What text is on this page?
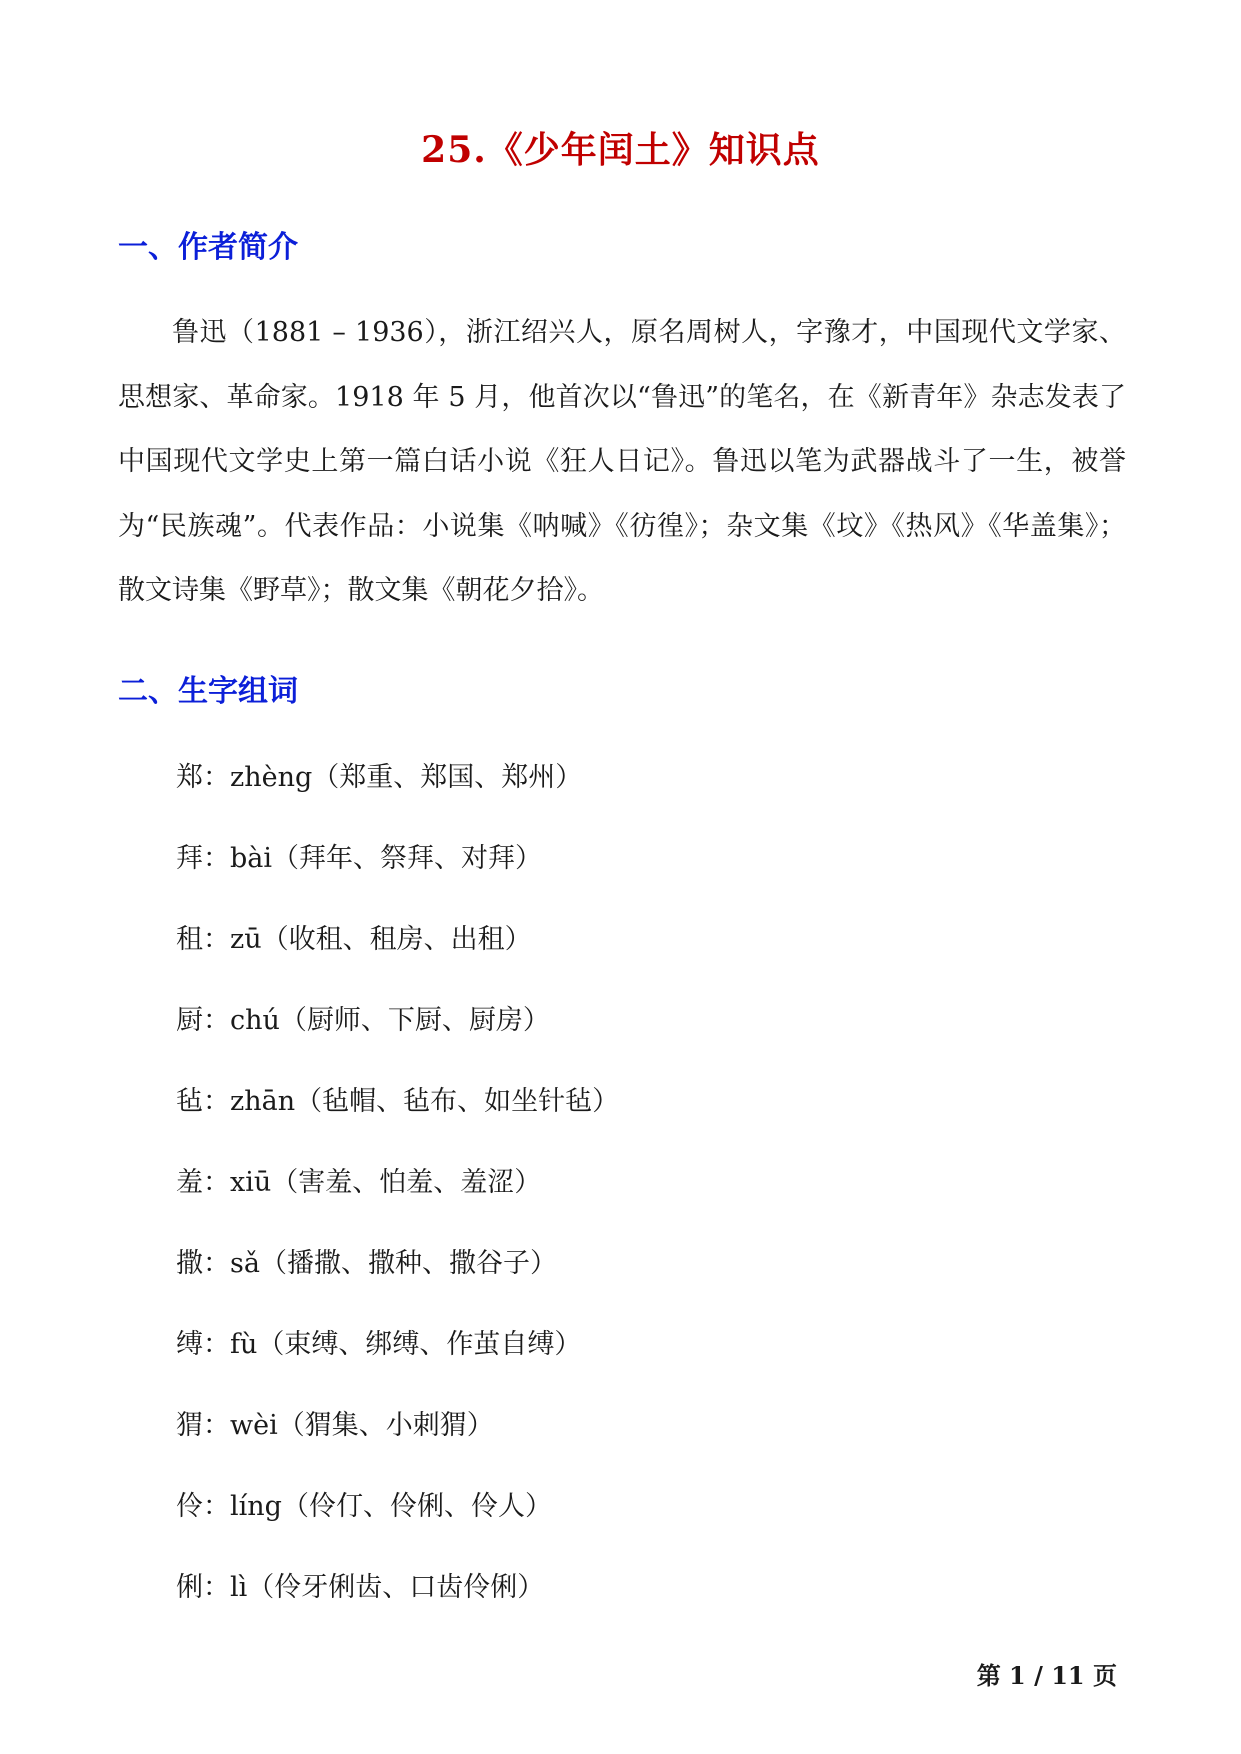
25.《少年闰土》知识点
一、作者简介

鲁迅（1881 – 1936），浙江绍兴人，原名周树人，字豫才，中国现代文学家、思想家、革命家。1918 年 5 月，他首次以“鲁迅”的笔名，在《新青年》杂志发表了中国现代文学史上第一篇白话小说《狂人日记》。鲁迅以笔为武器战斗了一生，被誉为“民族魂”。代表作品：小说集《呐喊》《彷徨》；杂文集《坟》《热风》《华盖集》；散文诗集《野草》；散文集《朝花夕拾》。

二、生字组词
郑：zhèng（郑重、郑国、郑州）
拜：bài（拜年、祭拜、对拜）
租：zū（收租、租房、出租）
厨：chú（厨师、下厨、厨房）
毡：zhān（毡帽、毡布、如坐针毡）
羞：xiū（害羞、怕羞、羞涩）
撒：sǎ（播撒、撒种、撒谷子）
缚：fù（束缚、绑缚、作茧自缚）
猬：wèi（猬集、小刺猬）
伶：líng（伶仃、伶俐、伶人）
俐：lì（伶牙俐齿、口齿伶俐）
第 1 / 11 页
